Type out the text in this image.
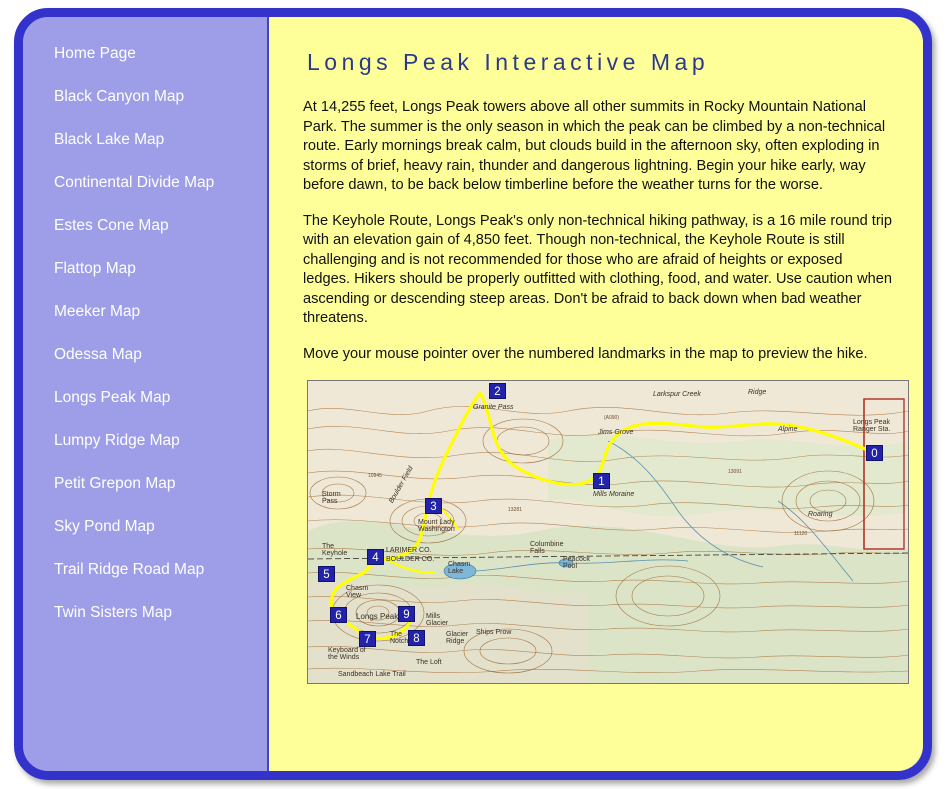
Home Page
Black Canyon Map
Black Lake Map
Continental Divide Map
Estes Cone Map
Flattop Map
Meeker Map
Odessa Map
Longs Peak Map
Lumpy Ridge Map
Petit Grepon Map
Sky Pond Map
Trail Ridge Road Map
Twin Sisters Map
Longs Peak Interactive Map

At 14,255 feet, Longs Peak towers above all other summits in Rocky Mountain National Park. The summer is the only season in which the peak can be climbed by a non-technical route. Early mornings break calm, but clouds build in the afternoon sky, often exploding in storms of brief, heavy rain, thunder and dangerous lightning. Begin your hike early, way before dawn, to be back below timberline before the weather turns for the worse.

The Keyhole Route, Longs Peak's only non-technical hiking pathway, is a 16 mile round trip with an elevation gain of 4,850 feet. Though non-technical, the Keyhole Route is still challenging and is not recommended for those who are afraid of heights or exposed ledges. Hikers should be properly outfitted with clothing, food, and water. Use caution when ascending or descending steep areas. Don't be afraid to back down when bad weather threatens.

Move your mouse pointer over the numbered landmarks in the map to preview the hike.

(A090)
13091
13281
10945
11120
Granite Pass
Jims Grove
Mills Moraine
Larkspur Creek
Alpine
Ridge
Roaring
Longs Peak Ranger Sta.
Storm Pass	Boulder Field
Mount Lady Washington
The Keyhole	LARIMER CO.
BOULDER CO.
Chasm Lake
Columbine Falls
Peacock Pool
Chasm View
Longs Peak
The Notch
Mills Glacier
Glacier Ridge
Ships Prow
Keyboard of the Winds
The Loft
Sandbeach Lake Trail
0
1
2
3
4
5
6
7	8
9
